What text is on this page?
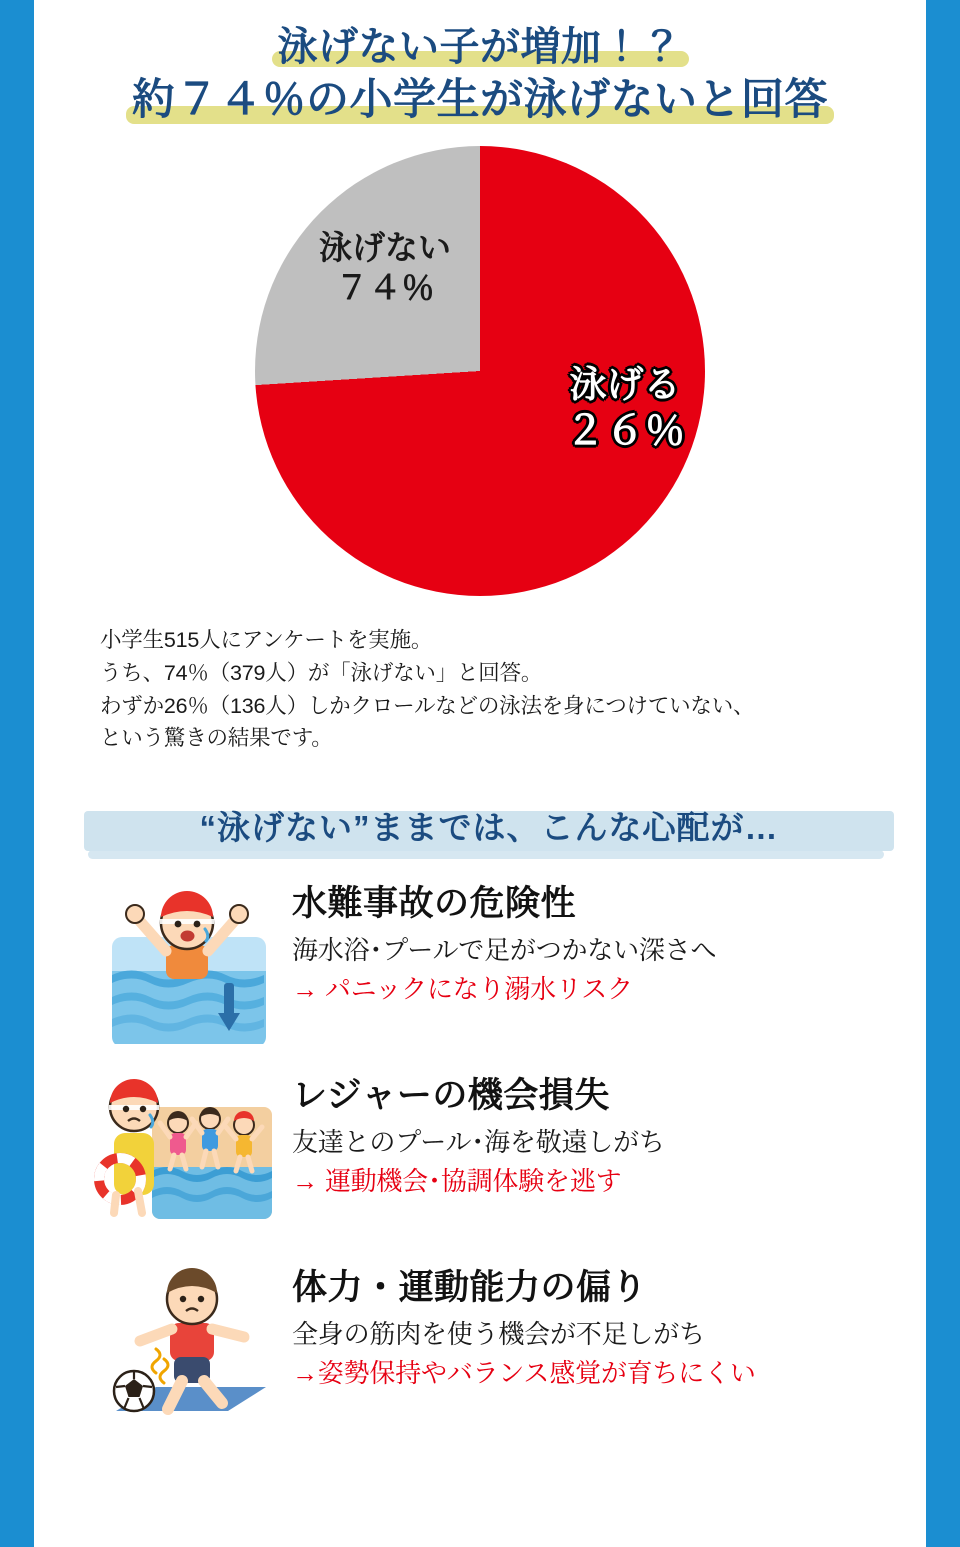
泳げない子が増加！？

約７４％の小学生が泳げないと回答
泳げない
７４％
泳げる
２６％
小学生515人にアンケートを実施。
うち、74％（379人）が「泳げない」と回答。
わずか26％（136人）しかクロールなどの泳法を身につけていない、
という驚きの結果です。
“泳げない”ままでは、こんな心配が…
水難事故の危険性
海水浴･プールで足がつかない深さへ
→ パニックになり溺水リスク
レジャーの機会損失
友達とのプール･海を敬遠しがち
→ 運動機会･協調体験を逃す
体力・運動能力の偏り
全身の筋肉を使う機会が不足しがち
→姿勢保持やバランス感覚が育ちにくい
